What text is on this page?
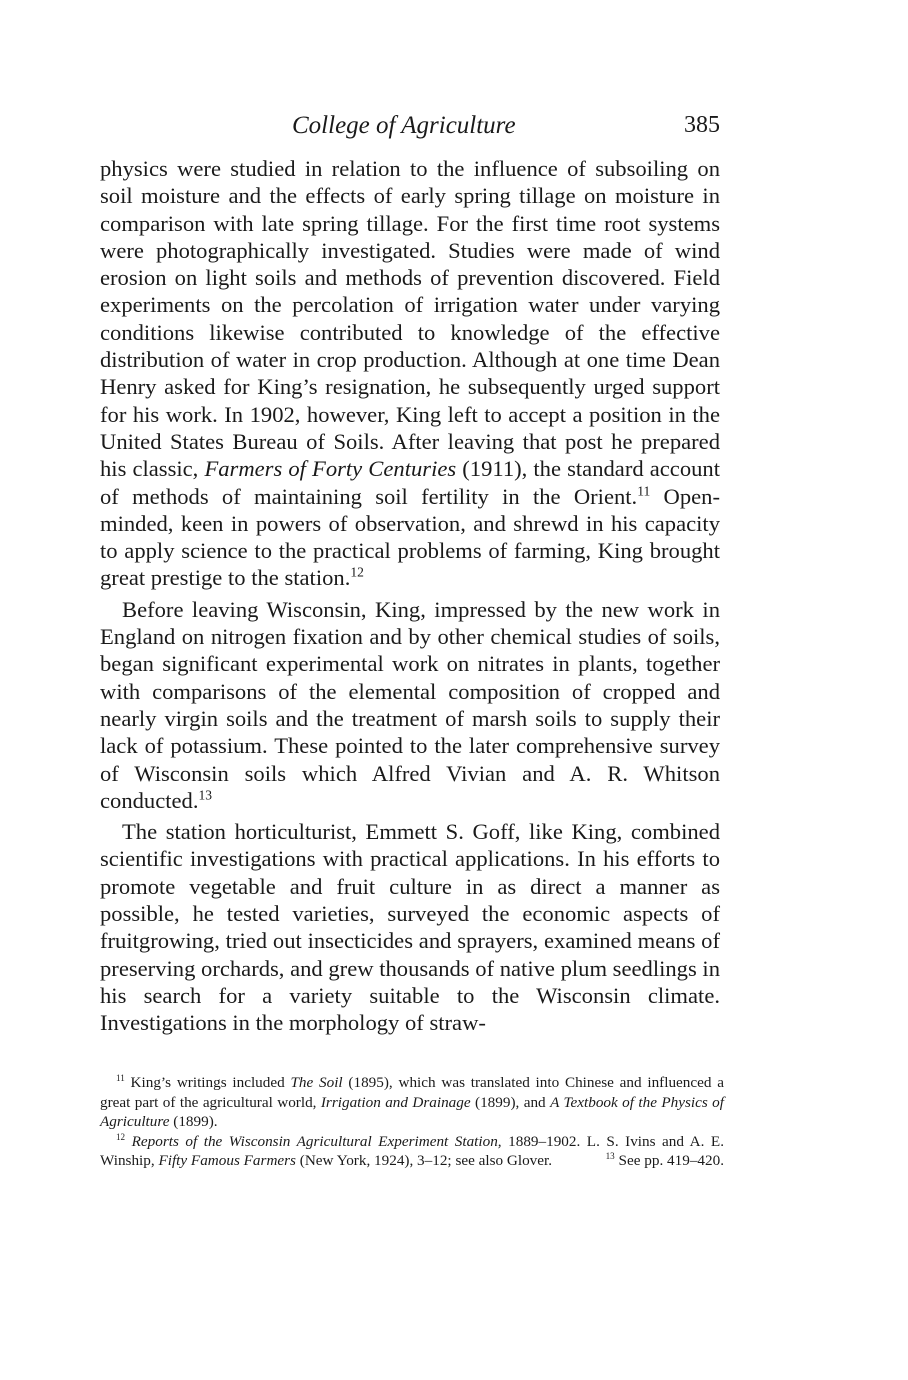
College of Agriculture	385

physics were studied in relation to the influence of subsoiling on soil moisture and the effects of early spring tillage on moisture in comparison with late spring tillage. For the first time root systems were photographically investigated. Studies were made of wind erosion on light soils and methods of prevention discovered. Field experiments on the percolation of irrigation water under varying conditions likewise contributed to knowledge of the effective distribution of water in crop production. Although at one time Dean Henry asked for King’s resignation, he subsequently urged support for his work. In 1902, however, King left to accept a position in the United States Bureau of Soils. After leaving that post he prepared his classic, Farmers of Forty Centuries (1911), the standard account of methods of maintaining soil fertility in the Orient.$^{11}$ Open-minded, keen in powers of observation, and shrewd in his capacity to apply science to the practical problems of farming, King brought great prestige to the station.$^{12}$

Before leaving Wisconsin, King, impressed by the new work in England on nitrogen fixation and by other chemical studies of soils, began significant experimental work on nitrates in plants, together with comparisons of the elemental composition of cropped and nearly virgin soils and the treatment of marsh soils to supply their lack of potassium. These pointed to the later comprehensive survey of Wisconsin soils which Alfred Vivian and A. R. Whitson conducted.$^{13}$

The station horticulturist, Emmett S. Goff, like King, combined scientific investigations with practical applications. In his efforts to promote vegetable and fruit culture in as direct a manner as possible, he tested varieties, surveyed the economic aspects of fruitgrowing, tried out insecticides and sprayers, examined means of preserving orchards, and grew thousands of native plum seedlings in his search for a variety suitable to the Wisconsin climate. Investigations in the morphology of straw-

$^{11}$ King’s writings included The Soil (1895), which was translated into Chinese and influenced a great part of the agricultural world, Irrigation and Drainage (1899), and A Textbook of the Physics of Agriculture (1899).

$^{12}$ Reports of the Wisconsin Agricultural Experiment Station, 1889–1902. L. S. Ivins and A. E. Winship, Fifty Famous Farmers (New York, 1924), 3–12; see also Glover.	$^{13}$ See pp. 419–420.
